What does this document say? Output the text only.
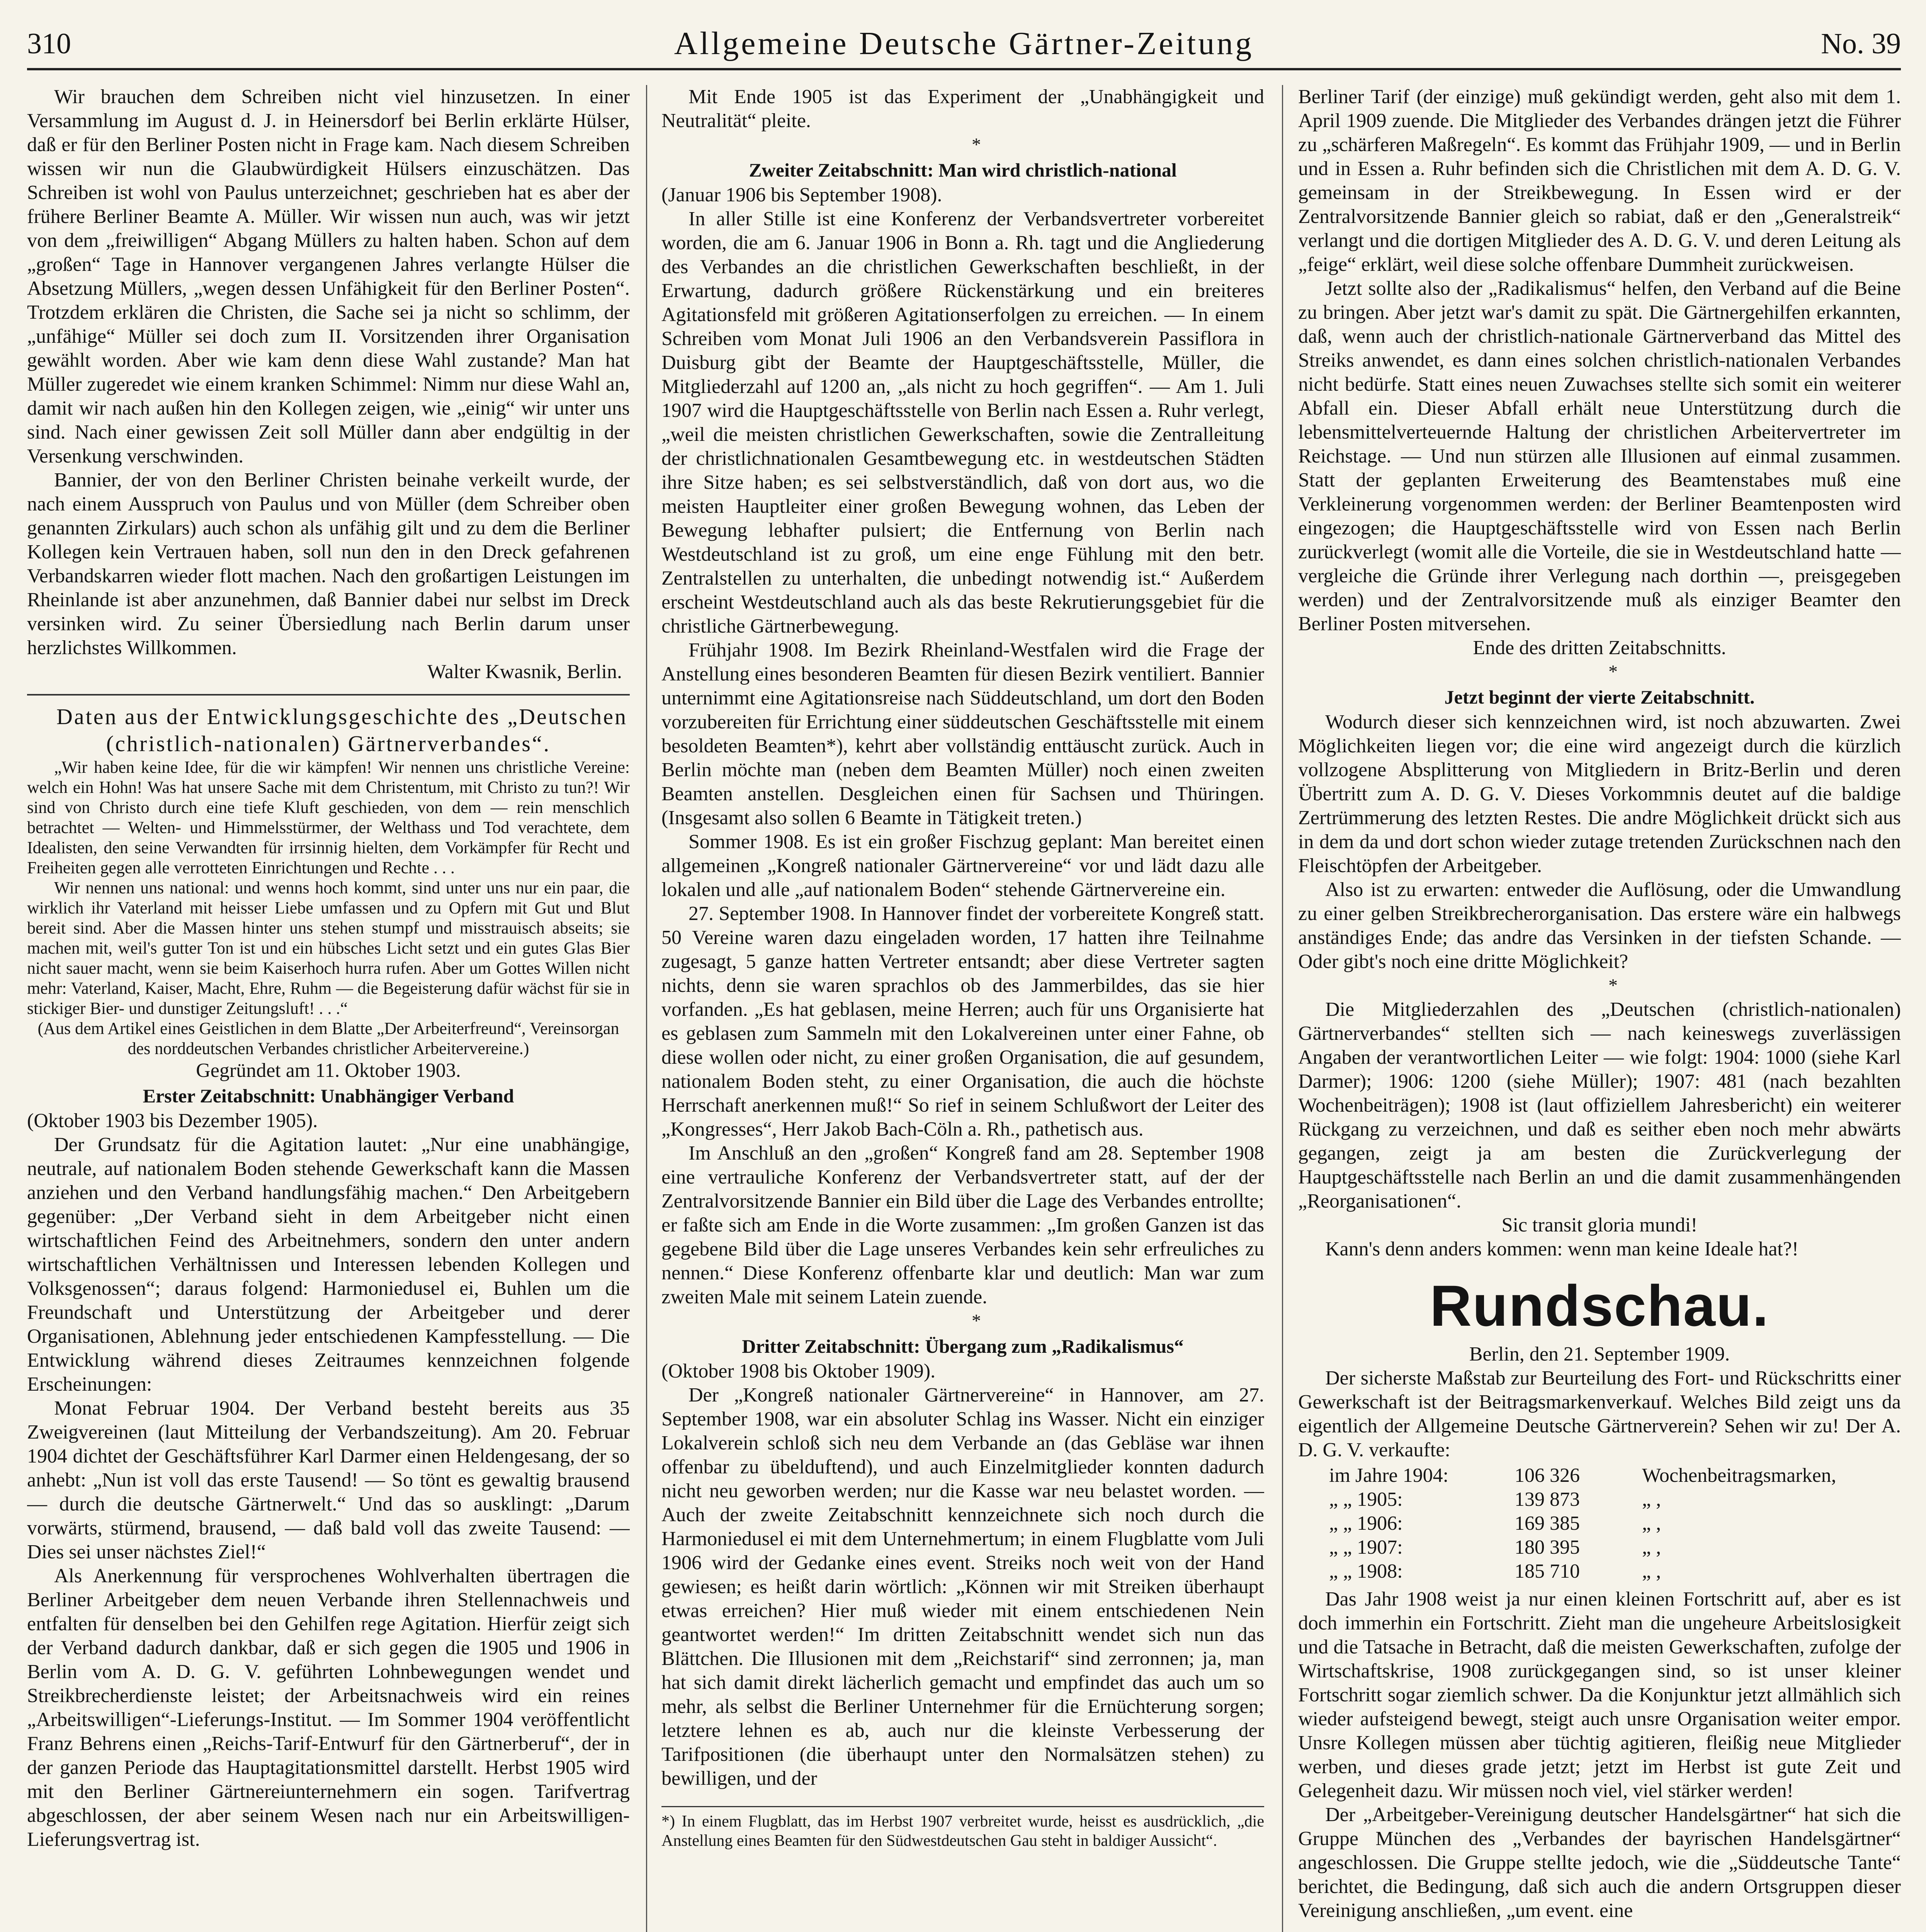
310	Allgemeine Deutsche Gärtner-Zeitung	No. 39

Wir brauchen dem Schreiben nicht viel hinzusetzen. In einer Versammlung im August d. J. in Heinersdorf bei Berlin erklärte Hülser, daß er für den Berliner Posten nicht in Frage kam. Nach diesem Schreiben wissen wir nun die Glaubwürdigkeit Hülsers einzuschätzen. Das Schreiben ist wohl von Paulus unterzeichnet; geschrieben hat es aber der frühere Berliner Beamte A. Müller. Wir wissen nun auch, was wir jetzt von dem „freiwilligen“ Abgang Müllers zu halten haben. Schon auf dem „großen“ Tage in Hannover vergangenen Jahres verlangte Hülser die Absetzung Müllers, „wegen dessen Unfähigkeit für den Berliner Posten“. Trotzdem erklären die Christen, die Sache sei ja nicht so schlimm, der „unfähige“ Müller sei doch zum II. Vorsitzenden ihrer Organisation gewählt worden. Aber wie kam denn diese Wahl zustande? Man hat Müller zugeredet wie einem kranken Schimmel: Nimm nur diese Wahl an, damit wir nach außen hin den Kollegen zeigen, wie „einig“ wir unter uns sind. Nach einer gewissen Zeit soll Müller dann aber endgültig in der Versenkung verschwinden.

Bannier, der von den Berliner Christen beinahe verkeilt wurde, der nach einem Ausspruch von Paulus und von Müller (dem Schreiber oben genannten Zirkulars) auch schon als unfähig gilt und zu dem die Berliner Kollegen kein Vertrauen haben, soll nun den in den Dreck gefahrenen Verbandskarren wieder flott machen. Nach den großartigen Leistungen im Rheinlande ist aber anzunehmen, daß Bannier dabei nur selbst im Dreck versinken wird. Zu seiner Übersiedlung nach Berlin darum unser herzlichstes Willkommen.

Walter Kwasnik, Berlin.

Daten aus der Entwicklungsgeschichte des „Deutschen (christlich-nationalen) Gärtnerverbandes“.

„Wir haben keine Idee, für die wir kämpfen! Wir nennen uns christliche Vereine: welch ein Hohn! Was hat unsere Sache mit dem Christentum, mit Christo zu tun?! Wir sind von Christo durch eine tiefe Kluft geschieden, von dem — rein menschlich betrachtet — Welten- und Himmelsstürmer, der Welthass und Tod verachtete, dem Idealisten, den seine Verwandten für irrsinnig hielten, dem Vorkämpfer für Recht und Freiheiten gegen alle verrotteten Einrichtungen und Rechte . . .

Wir nennen uns national: und wenns hoch kommt, sind unter uns nur ein paar, die wirklich ihr Vaterland mit heisser Liebe umfassen und zu Opfern mit Gut und Blut bereit sind. Aber die Massen hinter uns stehen stumpf und misstrauisch abseits; sie machen mit, weil's gutter Ton ist und ein hübsches Licht setzt und ein gutes Glas Bier nicht sauer macht, wenn sie beim Kaiserhoch hurra rufen. Aber um Gottes Willen nicht mehr: Vaterland, Kaiser, Macht, Ehre, Ruhm — die Begeisterung dafür wächst für sie in stickiger Bier- und dunstiger Zeitungsluft! . . .“

(Aus dem Artikel eines Geistlichen in dem Blatte „Der Arbeiterfreund“, Vereinsorgan des norddeutschen Verbandes christlicher Arbeitervereine.)

Gegründet am 11. Oktober 1903.

Erster Zeitabschnitt: Unabhängiger Verband

(Oktober 1903 bis Dezember 1905).

Der Grundsatz für die Agitation lautet: „Nur eine unabhängige, neutrale, auf nationalem Boden stehende Gewerkschaft kann die Massen anziehen und den Verband handlungsfähig machen.“ Den Arbeitgebern gegenüber: „Der Verband sieht in dem Arbeitgeber nicht einen wirtschaftlichen Feind des Arbeitnehmers, sondern den unter andern wirtschaftlichen Verhältnissen und Interessen lebenden Kollegen und Volksgenossen“; daraus folgend: Harmoniedusel ei, Buhlen um die Freundschaft und Unterstützung der Arbeitgeber und derer Organisationen, Ablehnung jeder entschiedenen Kampfesstellung. — Die Entwicklung während dieses Zeitraumes kennzeichnen folgende Erscheinungen:

Monat Februar 1904. Der Verband besteht bereits aus 35 Zweigvereinen (laut Mitteilung der Verbandszeitung). Am 20. Februar 1904 dichtet der Geschäftsführer Karl Darmer einen Heldengesang, der so anhebt: „Nun ist voll das erste Tausend! — So tönt es gewaltig brausend — durch die deutsche Gärtnerwelt.“ Und das so ausklingt: „Darum vorwärts, stürmend, brausend, — daß bald voll das zweite Tausend: — Dies sei unser nächstes Ziel!“

Als Anerkennung für versprochenes Wohlverhalten übertragen die Berliner Arbeitgeber dem neuen Verbande ihren Stellennachweis und entfalten für denselben bei den Gehilfen rege Agitation. Hierfür zeigt sich der Verband dadurch dankbar, daß er sich gegen die 1905 und 1906 in Berlin vom A. D. G. V. geführten Lohnbewegungen wendet und Streikbrecherdienste leistet; der Arbeitsnachweis wird ein reines „Arbeitswilligen“-Lieferungs-Institut. — Im Sommer 1904 veröffentlicht Franz Behrens einen „Reichs-Tarif-Entwurf für den Gärtnerberuf“, der in der ganzen Periode das Hauptagitationsmittel darstellt. Herbst 1905 wird mit den Berliner Gärtnereiunternehmern ein sogen. Tarifvertrag abgeschlossen, der aber seinem Wesen nach nur ein Arbeitswilligen-Lieferungsvertrag ist.

Mit Ende 1905 ist das Experiment der „Unabhängigkeit und Neutralität“ pleite.

*

Zweiter Zeitabschnitt: Man wird christlich-national

(Januar 1906 bis September 1908).

In aller Stille ist eine Konferenz der Verbandsvertreter vorbereitet worden, die am 6. Januar 1906 in Bonn a. Rh. tagt und die Angliederung des Verbandes an die christlichen Gewerkschaften beschließt, in der Erwartung, dadurch größere Rückenstärkung und ein breiteres Agitationsfeld mit größeren Agitationserfolgen zu erreichen. — In einem Schreiben vom Monat Juli 1906 an den Verbandsverein Passiflora in Duisburg gibt der Beamte der Hauptgeschäftsstelle, Müller, die Mitgliederzahl auf 1200 an, „als nicht zu hoch gegriffen“. — Am 1. Juli 1907 wird die Hauptgeschäftsstelle von Berlin nach Essen a. Ruhr verlegt, „weil die meisten christlichen Gewerkschaften, sowie die Zentralleitung der christlichnationalen Gesamtbewegung etc. in westdeutschen Städten ihre Sitze haben; es sei selbstverständlich, daß von dort aus, wo die meisten Hauptleiter einer großen Bewegung wohnen, das Leben der Bewegung lebhafter pulsiert; die Entfernung von Berlin nach Westdeutschland ist zu groß, um eine enge Fühlung mit den betr. Zentralstellen zu unterhalten, die unbedingt notwendig ist.“ Außerdem erscheint Westdeutschland auch als das beste Rekrutierungsgebiet für die christliche Gärtnerbewegung.

Frühjahr 1908. Im Bezirk Rheinland-Westfalen wird die Frage der Anstellung eines besonderen Beamten für diesen Bezirk ventiliert. Bannier unternimmt eine Agitationsreise nach Süddeutschland, um dort den Boden vorzubereiten für Errichtung einer süddeutschen Geschäftsstelle mit einem besoldeten Beamten*), kehrt aber vollständig enttäuscht zurück. Auch in Berlin möchte man (neben dem Beamten Müller) noch einen zweiten Beamten anstellen. Desgleichen einen für Sachsen und Thüringen. (Insgesamt also sollen 6 Beamte in Tätigkeit treten.)

Sommer 1908. Es ist ein großer Fischzug geplant: Man bereitet einen allgemeinen „Kongreß nationaler Gärtnervereine“ vor und lädt dazu alle lokalen und alle „auf nationalem Boden“ stehende Gärtnervereine ein.

27. September 1908. In Hannover findet der vorbereitete Kongreß statt. 50 Vereine waren dazu eingeladen worden, 17 hatten ihre Teilnahme zugesagt, 5 ganze hatten Vertreter entsandt; aber diese Vertreter sagten nichts, denn sie waren sprachlos ob des Jammerbildes, das sie hier vorfanden. „Es hat geblasen, meine Herren; auch für uns Organisierte hat es geblasen zum Sammeln mit den Lokalvereinen unter einer Fahne, ob diese wollen oder nicht, zu einer großen Organisation, die auf gesundem, nationalem Boden steht, zu einer Organisation, die auch die höchste Herrschaft anerkennen muß!“ So rief in seinem Schlußwort der Leiter des „Kongresses“, Herr Jakob Bach-Cöln a. Rh., pathetisch aus.

Im Anschluß an den „großen“ Kongreß fand am 28. September 1908 eine vertrauliche Konferenz der Verbandsvertreter statt, auf der der Zentralvorsitzende Bannier ein Bild über die Lage des Verbandes entrollte; er faßte sich am Ende in die Worte zusammen: „Im großen Ganzen ist das gegebene Bild über die Lage unseres Verbandes kein sehr erfreuliches zu nennen.“ Diese Konferenz offenbarte klar und deutlich: Man war zum zweiten Male mit seinem Latein zuende.

*

Dritter Zeitabschnitt: Übergang zum „Radikalismus“

(Oktober 1908 bis Oktober 1909).

Der „Kongreß nationaler Gärtnervereine“ in Hannover, am 27. September 1908, war ein absoluter Schlag ins Wasser. Nicht ein einziger Lokalverein schloß sich neu dem Verbande an (das Gebläse war ihnen offenbar zu übelduftend), und auch Einzelmitglieder konnten dadurch nicht neu geworben werden; nur die Kasse war neu belastet worden. — Auch der zweite Zeitabschnitt kennzeichnete sich noch durch die Harmoniedusel ei mit dem Unternehmertum; in einem Flugblatte vom Juli 1906 wird der Gedanke eines event. Streiks noch weit von der Hand gewiesen; es heißt darin wörtlich: „Können wir mit Streiken überhaupt etwas erreichen? Hier muß wieder mit einem entschiedenen Nein geantwortet werden!“ Im dritten Zeitabschnitt wendet sich nun das Blättchen. Die Illusionen mit dem „Reichstarif“ sind zerronnen; ja, man hat sich damit direkt lächerlich gemacht und empfindet das auch um so mehr, als selbst die Berliner Unternehmer für die Ernüchterung sorgen; letztere lehnen es ab, auch nur die kleinste Verbesserung der Tarifpositionen (die überhaupt unter den Normalsätzen stehen) zu bewilligen, und der

*) In einem Flugblatt, das im Herbst 1907 verbreitet wurde, heisst es ausdrücklich, „die Anstellung eines Beamten für den Südwestdeutschen Gau steht in baldiger Aussicht“.

Berliner Tarif (der einzige) muß gekündigt werden, geht also mit dem 1. April 1909 zuende. Die Mitglieder des Verbandes drängen jetzt die Führer zu „schärferen Maßregeln“. Es kommt das Frühjahr 1909, — und in Berlin und in Essen a. Ruhr befinden sich die Christlichen mit dem A. D. G. V. gemeinsam in der Streikbewegung. In Essen wird er der Zentralvorsitzende Bannier gleich so rabiat, daß er den „Generalstreik“ verlangt und die dortigen Mitglieder des A. D. G. V. und deren Leitung als „feige“ erklärt, weil diese solche offenbare Dummheit zurückweisen.

Jetzt sollte also der „Radikalismus“ helfen, den Verband auf die Beine zu bringen. Aber jetzt war's damit zu spät. Die Gärtnergehilfen erkannten, daß, wenn auch der christlich-nationale Gärtnerverband das Mittel des Streiks anwendet, es dann eines solchen christlich-nationalen Verbandes nicht bedürfe. Statt eines neuen Zuwachses stellte sich somit ein weiterer Abfall ein. Dieser Abfall erhält neue Unterstützung durch die lebensmittelverteuernde Haltung der christlichen Arbeitervertreter im Reichstage. — Und nun stürzen alle Illusionen auf einmal zusammen. Statt der geplanten Erweiterung des Beamtenstabes muß eine Verkleinerung vorgenommen werden: der Berliner Beamtenposten wird eingezogen; die Hauptgeschäftsstelle wird von Essen nach Berlin zurückverlegt (womit alle die Vorteile, die sie in Westdeutschland hatte — vergleiche die Gründe ihrer Verlegung nach dorthin —, preisgegeben werden) und der Zentralvorsitzende muß als einziger Beamter den Berliner Posten mitversehen.

Ende des dritten Zeitabschnitts.

*

Jetzt beginnt der vierte Zeitabschnitt.

Wodurch dieser sich kennzeichnen wird, ist noch abzuwarten. Zwei Möglichkeiten liegen vor; die eine wird angezeigt durch die kürzlich vollzogene Absplitterung von Mitgliedern in Britz-Berlin und deren Übertritt zum A. D. G. V. Dieses Vorkommnis deutet auf die baldige Zertrümmerung des letzten Restes. Die andre Möglichkeit drückt sich aus in dem da und dort schon wieder zutage tretenden Zurückschnen nach den Fleischtöpfen der Arbeitgeber.

Also ist zu erwarten: entweder die Auflösung, oder die Umwandlung zu einer gelben Streikbrecherorganisation. Das erstere wäre ein halbwegs anständiges Ende; das andre das Versinken in der tiefsten Schande. — Oder gibt's noch eine dritte Möglichkeit?

*

Die Mitgliederzahlen des „Deutschen (christlich-nationalen) Gärtnerverbandes“ stellten sich — nach keineswegs zuverlässigen Angaben der verantwortlichen Leiter — wie folgt: 1904: 1000 (siehe Karl Darmer); 1906: 1200 (siehe Müller); 1907: 481 (nach bezahlten Wochenbeiträgen); 1908 ist (laut offiziellem Jahresbericht) ein weiterer Rückgang zu verzeichnen, und daß es seither eben noch mehr abwärts gegangen, zeigt ja am besten die Zurückverlegung der Hauptgeschäftsstelle nach Berlin an und die damit zusammenhängenden „Reorganisationen“.

Sic transit gloria mundi!

Kann's denn anders kommen: wenn man keine Ideale hat?!

Rundschau.

Berlin, den 21. September 1909.

Der sicherste Maßstab zur Beurteilung des Fort- und Rückschritts einer Gewerkschaft ist der Beitragsmarkenverkauf. Welches Bild zeigt uns da eigentlich der Allgemeine Deutsche Gärtnerverein? Sehen wir zu! Der A. D. G. V. verkaufte:

im Jahre 1904:	106 326	Wochenbeitragsmarken,
„ „ 1905:	139 873	„ ,
„ „ 1906:	169 385	„ ,
„ „ 1907:	180 395	„ ,
„ „ 1908:	185 710	„ ,

Das Jahr 1908 weist ja nur einen kleinen Fortschritt auf, aber es ist doch immerhin ein Fortschritt. Zieht man die ungeheure Arbeitslosigkeit und die Tatsache in Betracht, daß die meisten Gewerkschaften, zufolge der Wirtschaftskrise, 1908 zurückgegangen sind, so ist unser kleiner Fortschritt sogar ziemlich schwer. Da die Konjunktur jetzt allmählich sich wieder aufsteigend bewegt, steigt auch unsre Organisation weiter empor. Unsre Kollegen müssen aber tüchtig agitieren, fleißig neue Mitglieder werben, und dieses grade jetzt; jetzt im Herbst ist gute Zeit und Gelegenheit dazu. Wir müssen noch viel, viel stärker werden!

Der „Arbeitgeber-Vereinigung deutscher Handelsgärtner“ hat sich die Gruppe München des „Verbandes der bayrischen Handelsgärtner“ angeschlossen. Die Gruppe stellte jedoch, wie die „Süddeutsche Tante“ berichtet, die Bedingung, daß sich auch die andern Ortsgruppen dieser Vereinigung anschließen, „um event. eine
